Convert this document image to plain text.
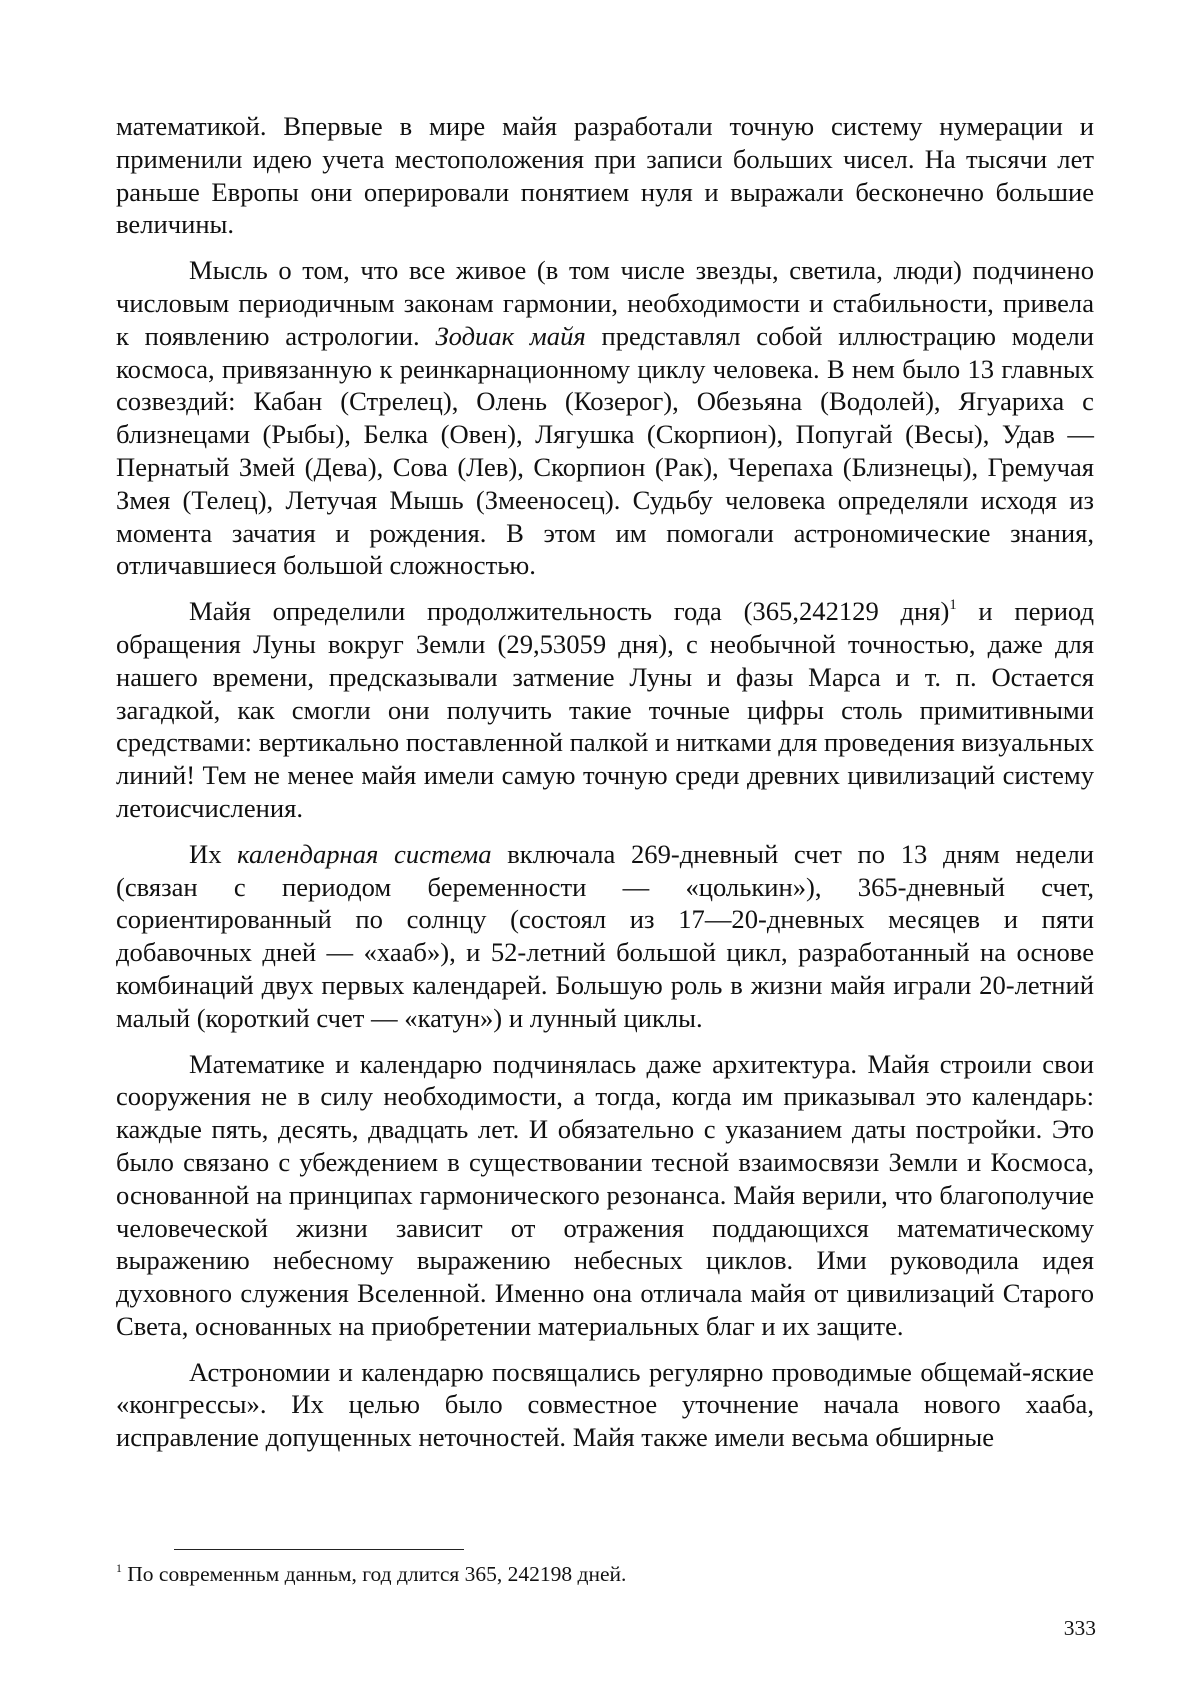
математикой. Впервые в мире майя разработали точную систему нумерации и применили идею учета местоположения при записи больших чисел. На тысячи лет раньше Европы они оперировали понятием нуля и выражали бесконечно большие величины.

Мысль о том, что все живое (в том числе звезды, светила, люди) подчинено числовым периодичным законам гармонии, необходимости и стабильности, привела к появлению астрологии. Зодиак майя представлял собой иллюстрацию модели космоса, привязанную к реинкарнационному циклу человека. В нем было 13 главных созвездий: Кабан (Стрелец), Олень (Козерог), Обезьяна (Водолей), Ягуариха с близнецами (Рыбы), Белка (Овен), Лягушка (Скорпион), Попугай (Весы), Удав — Пернатый Змей (Дева), Сова (Лев), Скорпион (Рак), Черепаха (Близнецы), Гремучая Змея (Телец), Летучая Мышь (Змееносец). Судьбу человека определяли исходя из момента зачатия и рождения. В этом им помогали астрономические знания, отличавшиеся большой сложностью.

Майя определили продолжительность года (365,242129 дня)$^1$ и период обращения Луны вокруг Земли (29,53059 дня), с необычной точностью, даже для нашего времени, предсказывали затмение Луны и фазы Марса и т. п. Остается загадкой, как смогли они получить такие точные цифры столь примитивными средствами: вертикально поставленной палкой и нитками для проведения визуальных линий! Тем не менее майя имели самую точную среди древних цивилизаций систему летоисчисления.

Их календарная система включала 269-дневный счет по 13 дням недели (связан с периодом беременности — «цолькин»), 365-дневный счет, сориентированный по солнцу (состоял из 17—20-дневных месяцев и пяти добавочных дней — «хааб»), и 52-летний большой цикл, разработанный на основе комбинаций двух первых календарей. Большую роль в жизни майя играли 20-летний малый (короткий счет — «катун») и лунный циклы.

Математике и календарю подчинялась даже архитектура. Майя строили свои сооружения не в силу необходимости, а тогда, когда им приказывал это календарь: каждые пять, десять, двадцать лет. И обязательно с указанием даты постройки. Это было связано с убеждением в существовании тесной взаимосвязи Земли и Космоса, основанной на принципах гармонического резонанса. Майя верили, что благополучие человеческой жизни зависит от отражения поддающихся математическому выражению небесному выражению небесных циклов. Ими руководила идея духовного служения Вселенной. Именно она отличала майя от цивилизаций Старого Света, основанных на приобретении материальных благ и их защите.

Астрономии и календарю посвящались регулярно проводимые общемай-яские «конгрессы». Их целью было совместное уточнение начала нового хааба, исправление допущенных неточностей. Майя также имели весьма обширные

$^1$ По современньм данньм, год длится 365, 242198 дней.

333
